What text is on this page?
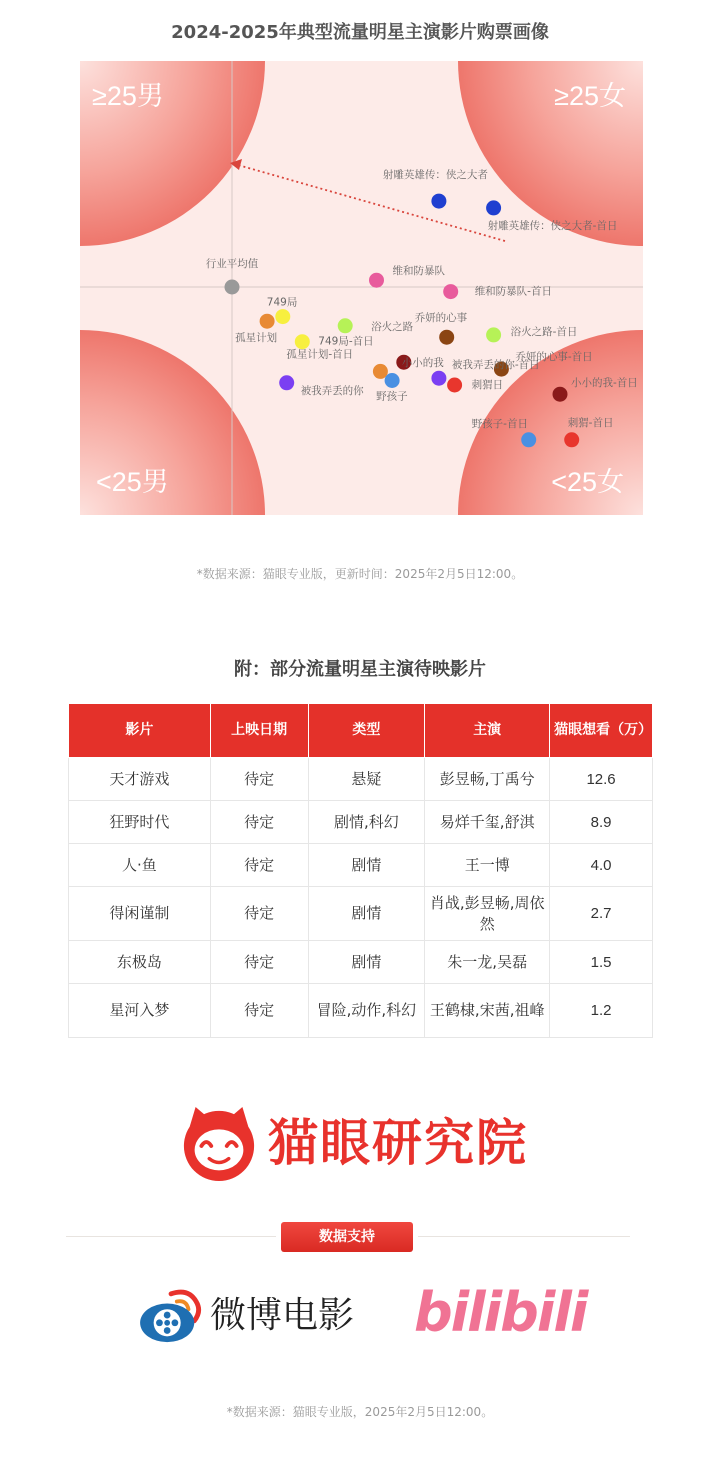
2024-2025年典型流量明星主演影片购票画像
≥25男	≥25女
<25男	<25女
射雕英雄传：侠之大者
射雕英雄传：侠之大者-首日
行业平均值
维和防暴队
维和防暴队-首日
749局
孤星计划
浴火之路
749局-首日
乔妍的心事
浴火之路-首日
孤星计划-首日
小小的我
乔妍的心事-首日
被我弄丢的你 野孩子
被我弄丢的你-首日
刺猬日	小小的我-首日
野孩子-首日	刺猬-首日
*数据来源：猫眼专业版，更新时间：2025年2月5日12:00。
附：部分流量明星主演待映影片
影片	上映日期	类型	主演	猫眼想看（万）
天才游戏	待定	悬疑	彭昱畅,丁禹兮	12.6
狂野时代	待定	剧情,科幻	易烊千玺,舒淇	8.9
人·鱼	待定	剧情	王一博	4.0
得闲谨制	待定	剧情	肖战,彭昱畅,周依然	2.7
东极岛	待定	剧情	朱一龙,吴磊	1.5
星河入梦	待定	冒险,动作,科幻	王鹤棣,宋茜,祖峰	1.2
猫眼研究院
数据支持
微博电影 bilibili
*数据来源：猫眼专业版，2025年2月5日12:00。
